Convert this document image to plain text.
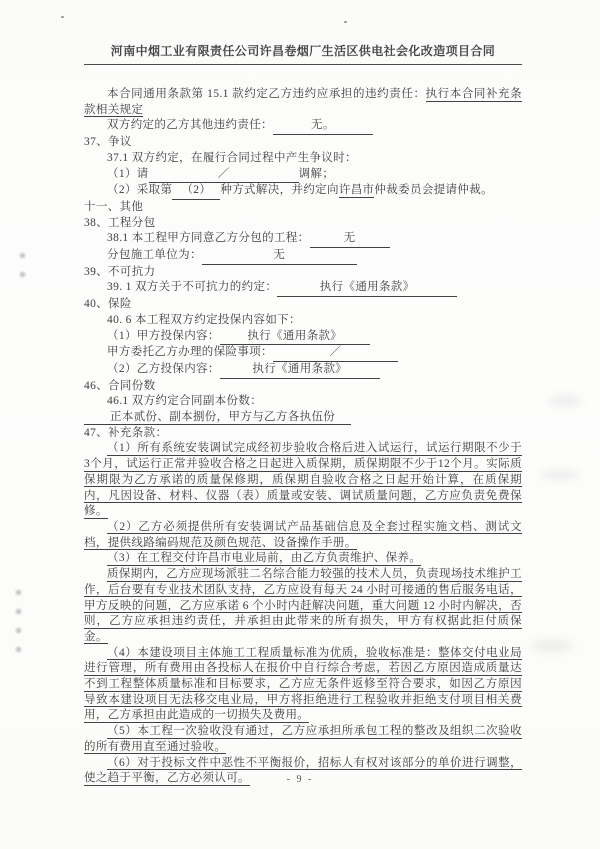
河南中烟工业有限责任公司许昌卷烟厂生活区供电社会化改造项目合同

本合同通用条款第 15.1 款约定乙方违约应承担的违约责任：执行本合同补充条款相关规定

双方约定的乙方其他违约责任：	无。

37、争议

37.1 双方约定，在履行合同过程中产生争议时：

（1）请	／	调解；

（2）采取第 （2） 种方式解决，并约定向许昌市仲裁委员会提请仲裁。

十一、其他

38、工程分包

38.1 本工程甲方同意乙方分包的工程：	无

分包施工单位为：	无

39、不可抗力

39. 1 双方关于不可抗力的约定：	执行《通用条款》

40、保险

40. 6 本工程双方约定投保内容如下：

（1）甲方投保内容： 执行《通用条款》

甲方委托乙方办理的保险事项：	／

（2）乙方投保内容：	执行《通用条款》

46、合同份数

46.1 双方约定合同副本份数：

正本贰份、副本捌份，甲方与乙方各执伍份

47、补充条款：

（1）所有系统安装调试完成经初步验收合格后进入试运行，试运行期限不少于3个月，试运行正常并验收合格之日起进入质保期，质保期限不少于12个月。实际质保期限为乙方承诺的质量保修期，质保期自验收合格之日起开始计算，在质保期内，凡因设备、材料、仪器（表）质量或安装、调试质量问题，乙方应负责免费保修。

（2）乙方必须提供所有安装调试产品基础信息及全套过程实施文档、测试文档，提供线路编码规范及颜色规范、设备操作手册。

（3）在工程交付许昌市电业局前，由乙方负责维护、保养。

质保期内，乙方应现场派驻二名综合能力较强的技术人员，负责现场技术维护工作，后台要有专业技术团队支持，乙方应设有每天 24 小时可接通的售后服务电话，甲方反映的问题，乙方应承诺 6 个小时内赶解决问题，重大问题 12 小时内解决，否则，乙方应承担违约责任，并承担由此带来的所有损失，甲方有权据此拒付质保金。

（4）本建设项目主体施工工程质量标准为优质，验收标准是：整体交付电业局进行管理，所有费用由各投标人在报价中自行综合考虑，若因乙方原因造成质量达不到工程整体质量标准和目标要求，乙方应无条件返修至符合要求，如因乙方原因导致本建设项目无法移交电业局，甲方将拒绝进行工程验收并拒绝支付项目相关费用，乙方承担由此造成的一切损失及费用。

（5）本工程一次验收没有通过，乙方应承担所承包工程的整改及组织二次验收的所有费用直至通过验收。

（6）对于投标文件中恶性不平衡报价，招标人有权对该部分的单价进行调整，使之趋于平衡，乙方必须认可。	- 9 -
